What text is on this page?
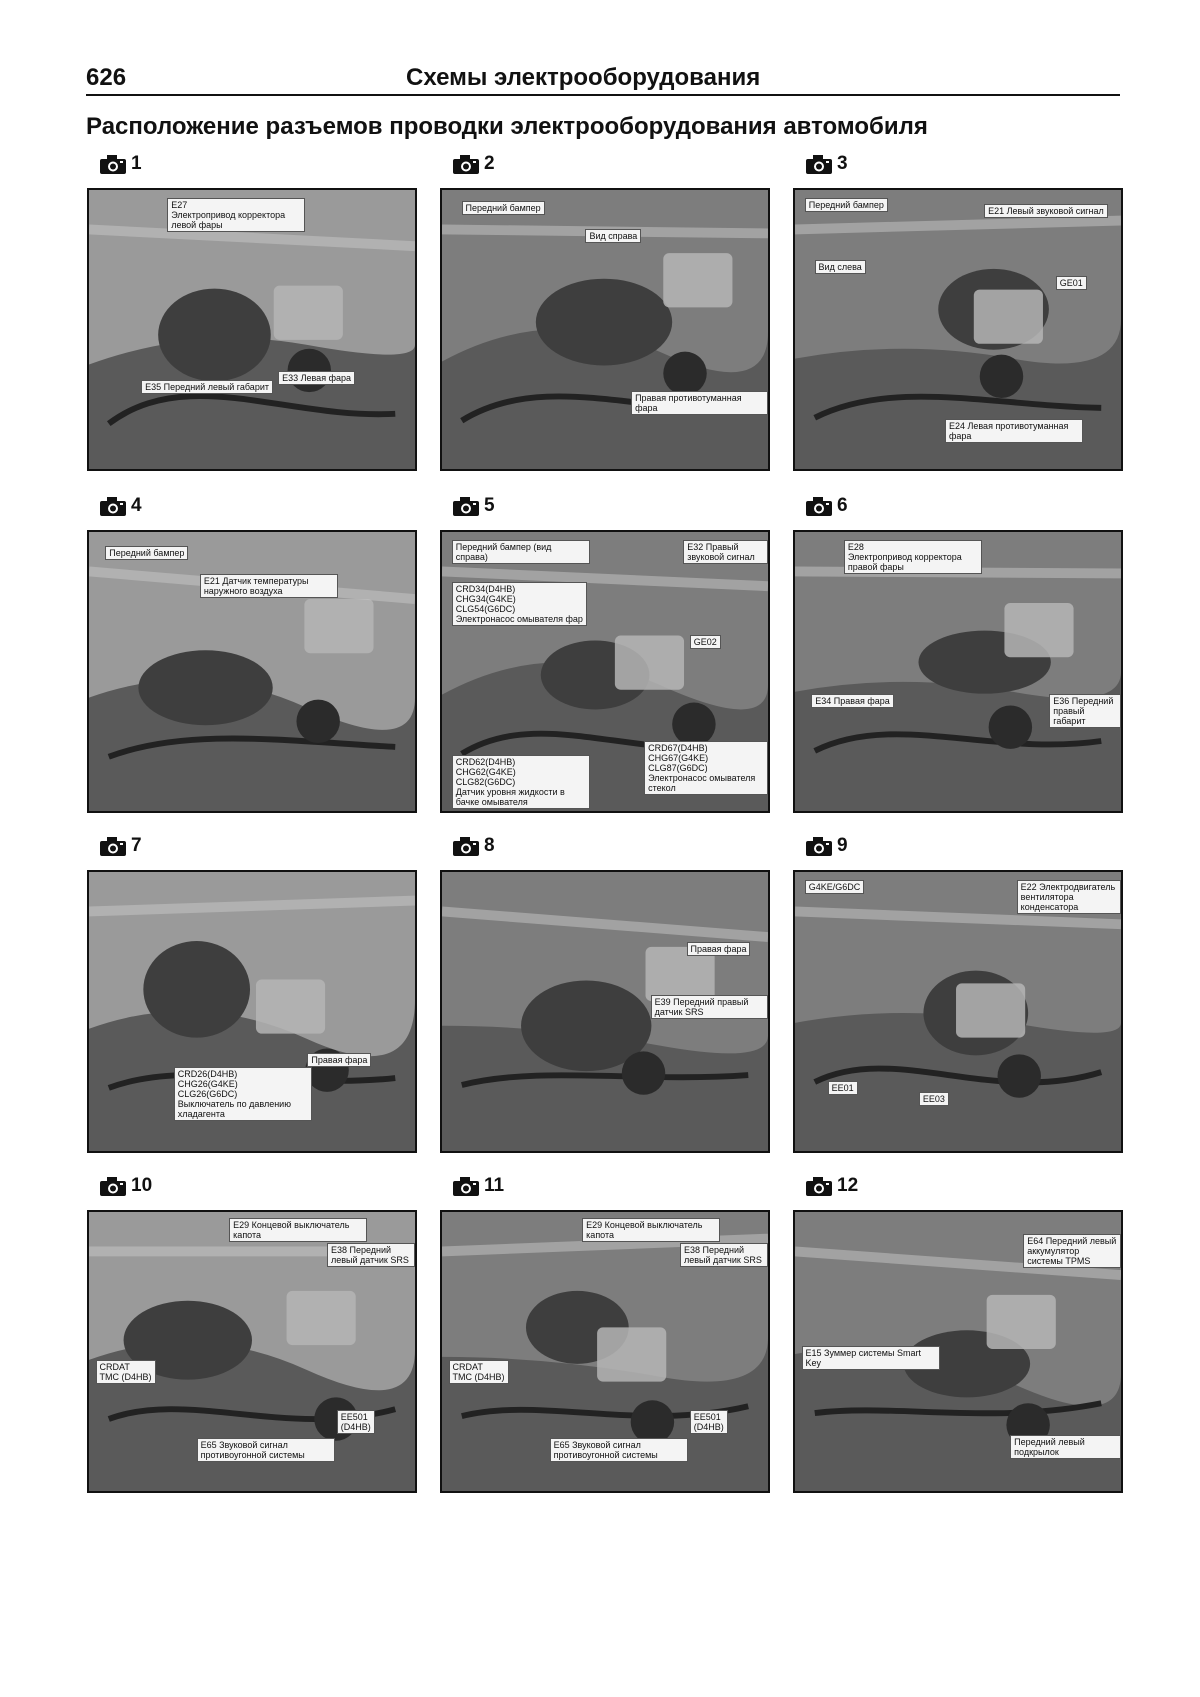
626	Схемы электрооборудования
Расположение разъемов проводки электрооборудования автомобиля
1
Е27
Электропривод корректора левой фары
Е35 Передний левый габарит
Е33 Левая фара
2
Передний бампер
Вид справа
Правая противотуманная фара
3
Передний бампер
Е21 Левый звуковой сигнал
Вид слева
GE01
Е24 Левая противотуманная фара
4
Передний бампер
Е21 Датчик температуры наружного воздуха
5
Передний бампер (вид справа)
Е32 Правый звуковой сигнал
CRD34(D4HB)
CHG34(G4KE)
CLG54(G6DC)
Электронасос омывателя фар
GE02
CRD67(D4HB)
CHG67(G4KE)
CLG87(G6DC)
Электронасос омывателя стекол
CRD62(D4HB)
CHG62(G4KE)
CLG82(G6DC)
Датчик уровня жидкости в бачке омывателя
6
Е28
Электропривод корректора правой фары
Е34 Правая фара	Е36 Передний правый габарит
7
CRD26(D4HB)
CHG26(G4KE)
CLG26(G6DC)
Выключатель по давлению хладагента
Правая фара
8
Правая фара
Е39 Передний правый датчик SRS
9
G4KE/G6DC	Е22 Электродвигатель вентилятора конденсатора
EE01
EE03
10
Е29 Концевой выключатель капота
Е38 Передний левый датчик SRS
CRDAT
TMC (D4HB)
EE501
(D4HB)
Е65 Звуковой сигнал противоугонной системы
11
Е29 Концевой выключатель капота
Е38 Передний левый датчик SRS
CRDAT
TMC (D4HB)
EE501
(D4HB)
Е65 Звуковой сигнал противоугонной системы
12
Е64 Передний левый аккумулятор системы TPMS
Е15 Зуммер системы Smart Key
Передний левый подкрылок
